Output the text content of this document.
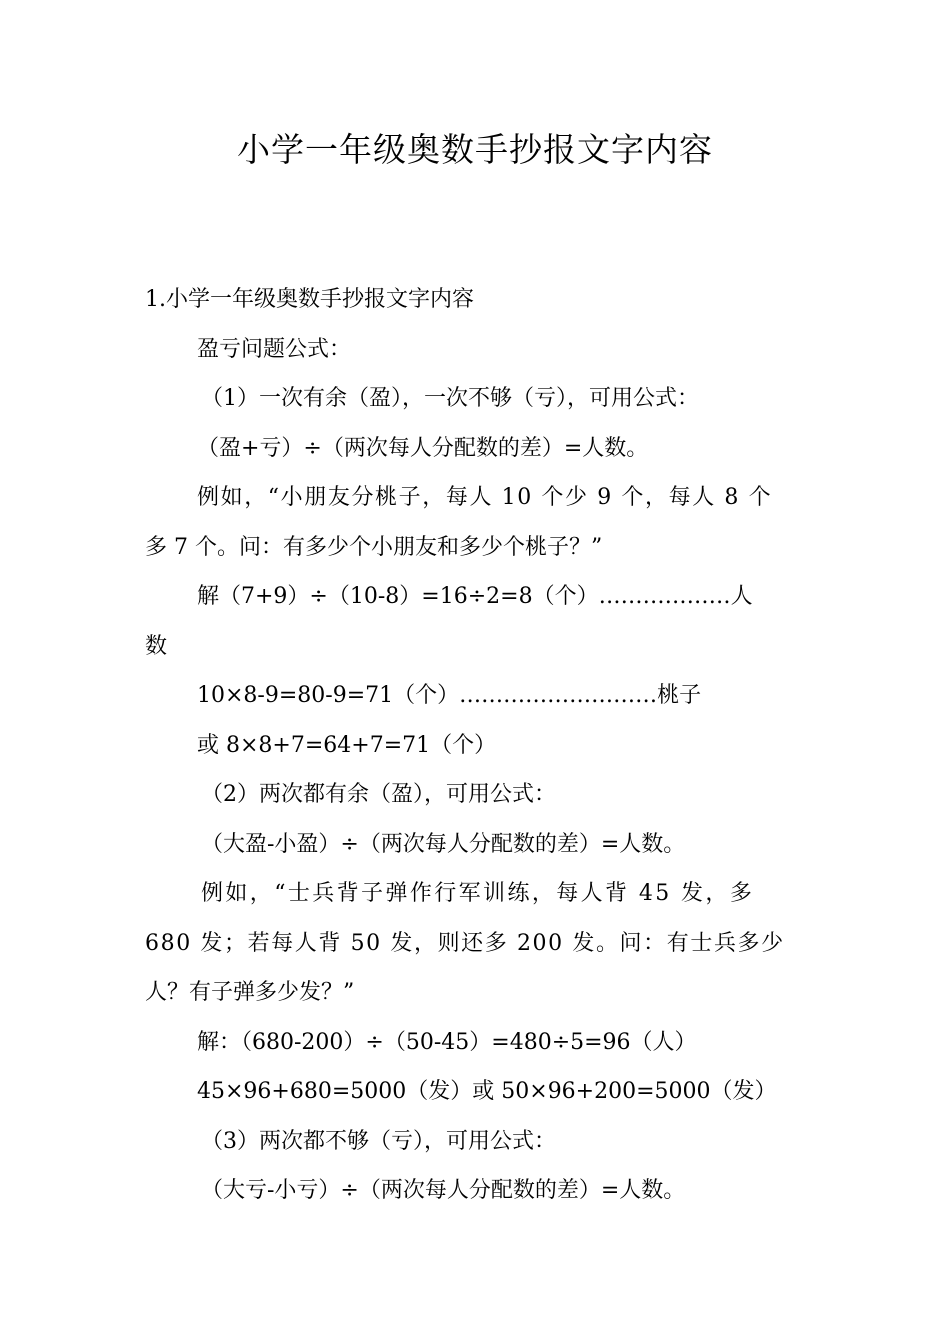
小学一年级奥数手抄报文字内容
1.小学一年级奥数手抄报文字内容
盈亏问题公式：
（1）一次有余（盈），一次不够（亏），可用公式：
（盈+亏）÷（两次每人分配数的差）=人数。
例如，“小朋友分桃子，每人 10 个少 9 个，每人 8 个
多 7 个。问：有多少个小朋友和多少个桃子？”
解（7+9）÷（10-8）=16÷2=8（个）………………人
数
10×8-9=80-9=71（个）………………………桃子
或 8×8+7=64+7=71（个）
（2）两次都有余（盈），可用公式：
（大盈-小盈）÷（两次每人分配数的差）=人数。
例如，“士兵背子弹作行军训练，每人背 45 发，多
680 发；若每人背 50 发，则还多 200 发。问：有士兵多少
人？有子弹多少发？”
解：（680-200）÷（50-45）=480÷5=96（人）
45×96+680=5000（发）或 50×96+200=5000（发）
（3）两次都不够（亏），可用公式：
（大亏-小亏）÷（两次每人分配数的差）=人数。
